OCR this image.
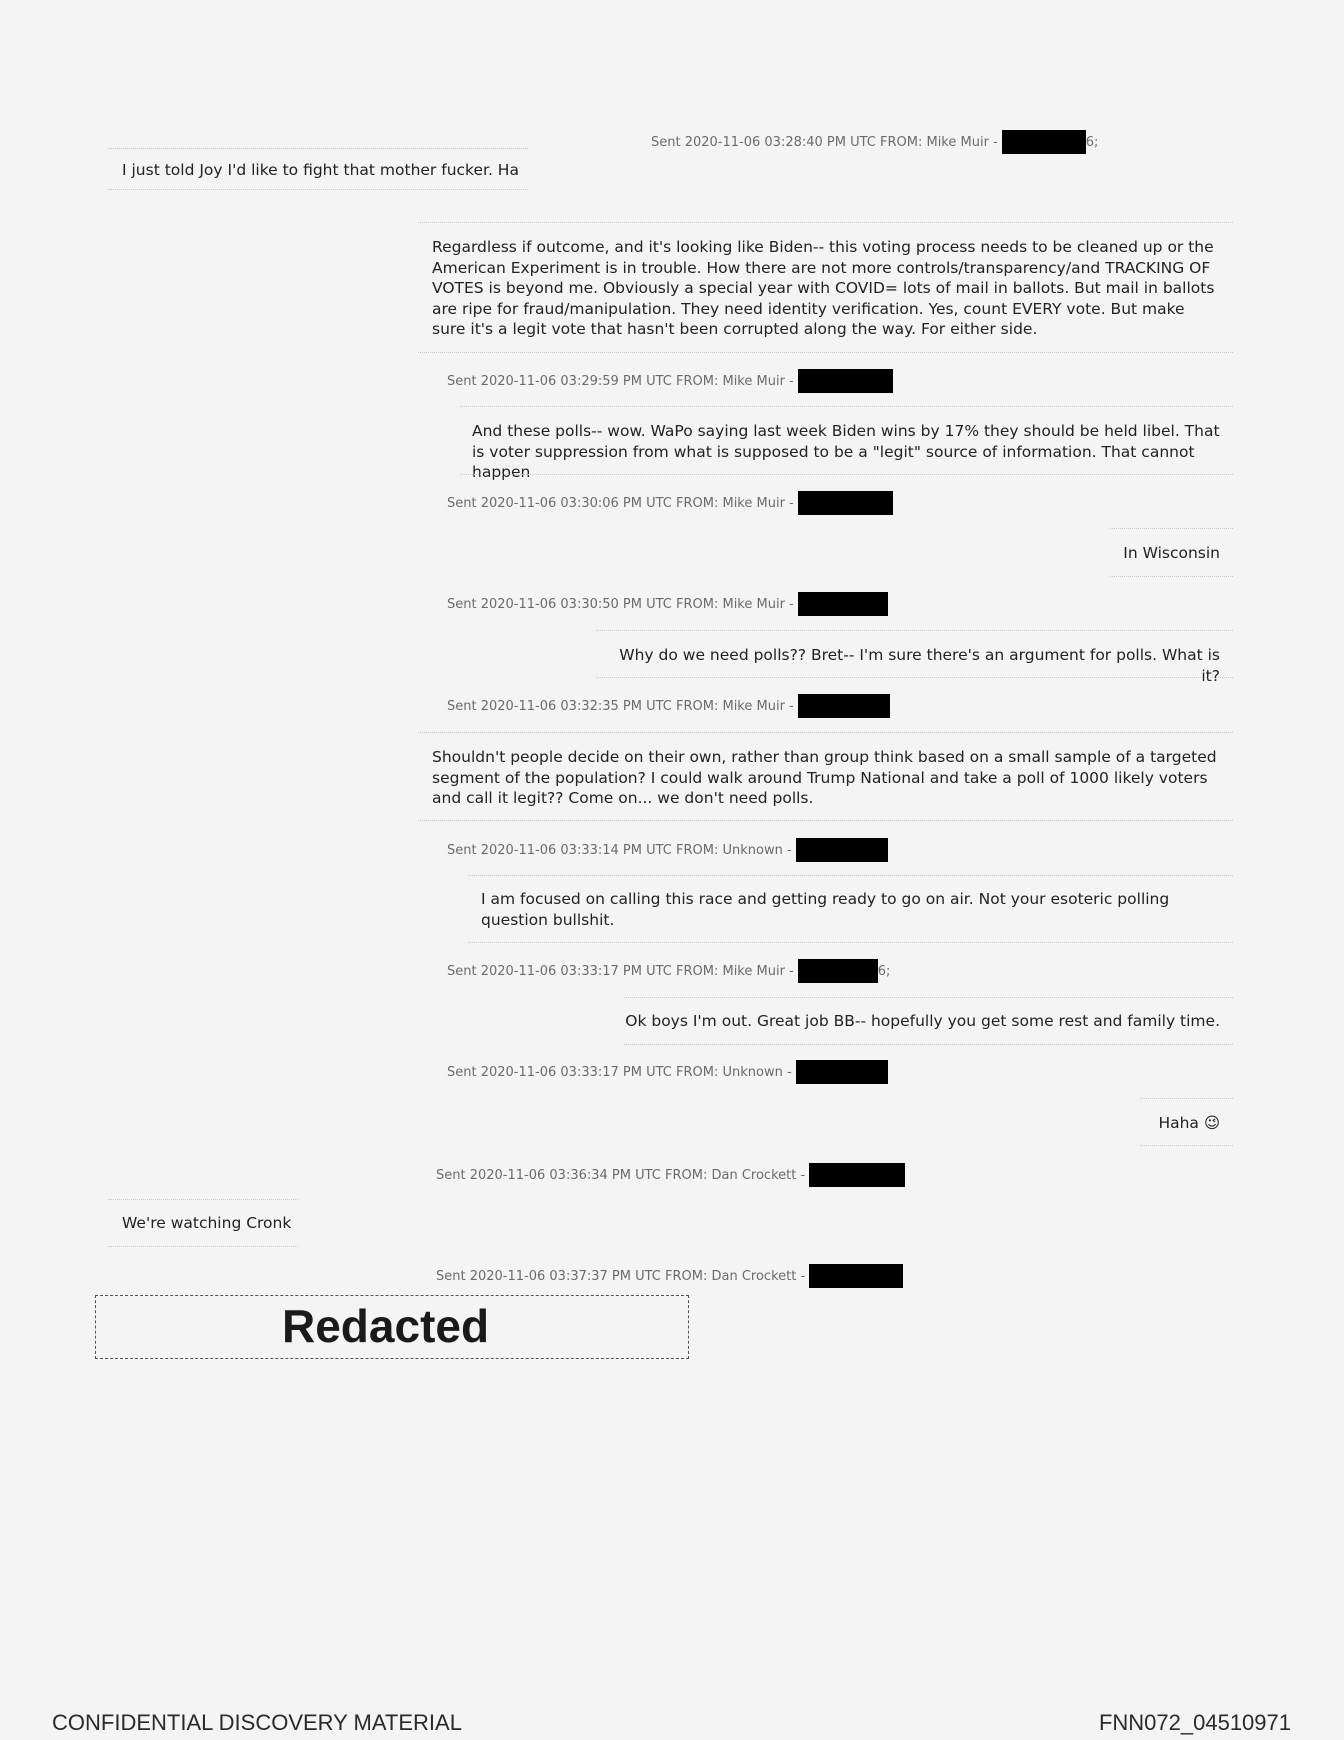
I just told Joy I'd like to fight that mother fucker. Ha
Sent 2020-11-06 03:28:40 PM UTC FROM: Mike Muir -	6;
Regardless if outcome, and it's looking like Biden-- this voting process needs to be cleaned up or the American Experiment is in trouble. How there are not more controls/transparency/and TRACKING OF VOTES is beyond me. Obviously a special year with COVID= lots of mail in ballots. But mail in ballots are ripe for fraud/manipulation. They need identity verification. Yes, count EVERY vote. But make sure it's a legit vote that hasn't been corrupted along the way. For either side.
Sent 2020-11-06 03:29:59 PM UTC FROM: Mike Muir -
And these polls-- wow. WaPo saying last week Biden wins by 17% they should be held libel. That is voter suppression from what is supposed to be a "legit" source of information. That cannot happen
Sent 2020-11-06 03:30:06 PM UTC FROM: Mike Muir -
In Wisconsin
Sent 2020-11-06 03:30:50 PM UTC FROM: Mike Muir -
Why do we need polls?? Bret-- I'm sure there's an argument for polls. What is it?
Sent 2020-11-06 03:32:35 PM UTC FROM: Mike Muir -
Shouldn't people decide on their own, rather than group think based on a small sample of a targeted segment of the population? I could walk around Trump National and take a poll of 1000 likely voters and call it legit?? Come on... we don't need polls.
Sent 2020-11-06 03:33:14 PM UTC FROM: Unknown -
I am focused on calling this race and getting ready to go on air. Not your esoteric polling question bullshit.
Sent 2020-11-06 03:33:17 PM UTC FROM: Mike Muir -	6;
Ok boys I'm out. Great job BB-- hopefully you get some rest and family time.
Sent 2020-11-06 03:33:17 PM UTC FROM: Unknown -
Haha 😉
Sent 2020-11-06 03:36:34 PM UTC FROM: Dan Crockett -
We're watching Cronk
Sent 2020-11-06 03:37:37 PM UTC FROM: Dan Crockett -
Redacted
CONFIDENTIAL DISCOVERY MATERIAL	FNN072_04510971
